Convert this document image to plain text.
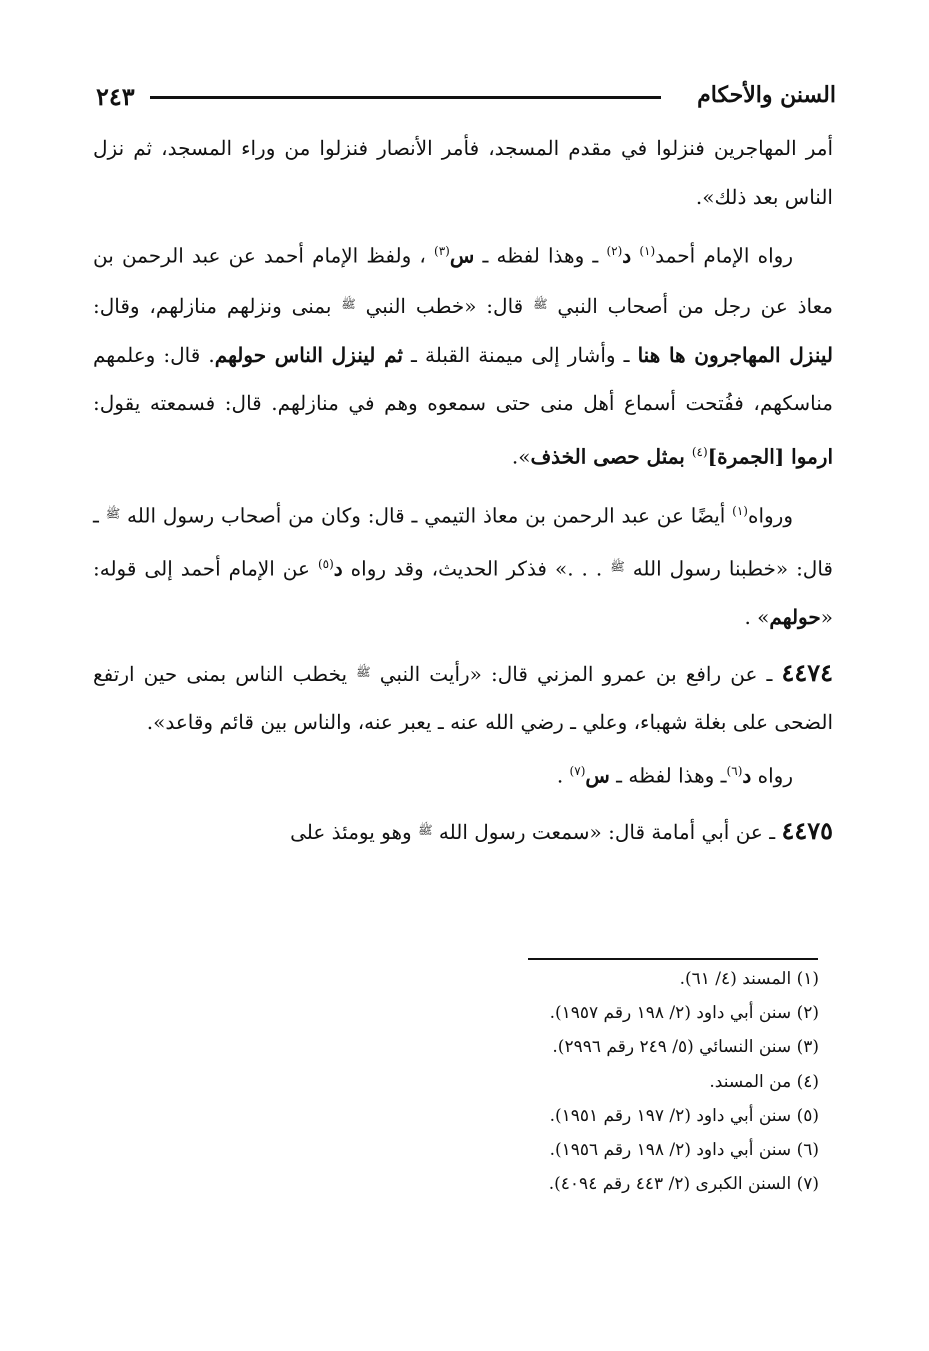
السنن والأحكام
٢٤٣

أمر المهاجرين فنزلوا في مقدم المسجد، فأمر الأنصار فنزلوا من وراء المسجد، ثم نزل الناس بعد ذلك».

رواه الإمام أحمد$^{(١)}$ د$^{(٢)}$ ـ وهذا لفظه ـ س$^{(٣)}$ ، ولفظ الإمام أحمد عن عبد الرحمن بن معاذ عن رجل من أصحاب النبي $^ﷺ$ قال: «خطب النبي $^ﷺ$ بمنى ونزلهم منازلهم، وقال: لينزل المهاجرون ها هنا ـ وأشار إلى ميمنة القبلة ـ ثم لينزل الناس حولهم. قال: وعلمهم مناسكهم، ففُتحت أسماع أهل منى حتى سمعوه وهم في منازلهم. قال: فسمعته يقول: ارموا [الجمرة]$^{(٤)}$ بمثل حصى الخذف».

ورواه$^{(١)}$ أيضًا عن عبد الرحمن بن معاذ التيمي ـ قال: وكان من أصحاب رسول الله $^ﷺ$ ـ قال: «خطبنا رسول الله $^ﷺ$ . . .» فذكر الحديث، وقد رواه د$^{(٥)}$ عن الإمام أحمد إلى قوله: «حولهم» .

٤٤٧٤ ـ عن رافع بن عمرو المزني قال: «رأيت النبي $^ﷺ$ يخطب الناس بمنى حين ارتفع الضحى على بغلة شهباء، وعلي ـ رضي الله عنه ـ يعبر عنه، والناس بين قائم وقاعد».

رواه د$^{(٦)}$ـ وهذا لفظه ـ س$^{(٧)}$ .

٤٤٧٥ ـ عن أبي أمامة قال: «سمعت رسول الله $^ﷺ$ وهو يومئذ على

(١) المسند (٤/ ٦١).
(٢) سنن أبي داود (٢/ ١٩٨ رقم ١٩٥٧).
(٣) سنن النسائي (٥/ ٢٤٩ رقم ٢٩٩٦).
(٤) من المسند.
(٥) سنن أبي داود (٢/ ١٩٧ رقم ١٩٥١).
(٦) سنن أبي داود (٢/ ١٩٨ رقم ١٩٥٦).
(٧) السنن الكبرى (٢/ ٤٤٣ رقم ٤٠٩٤).
